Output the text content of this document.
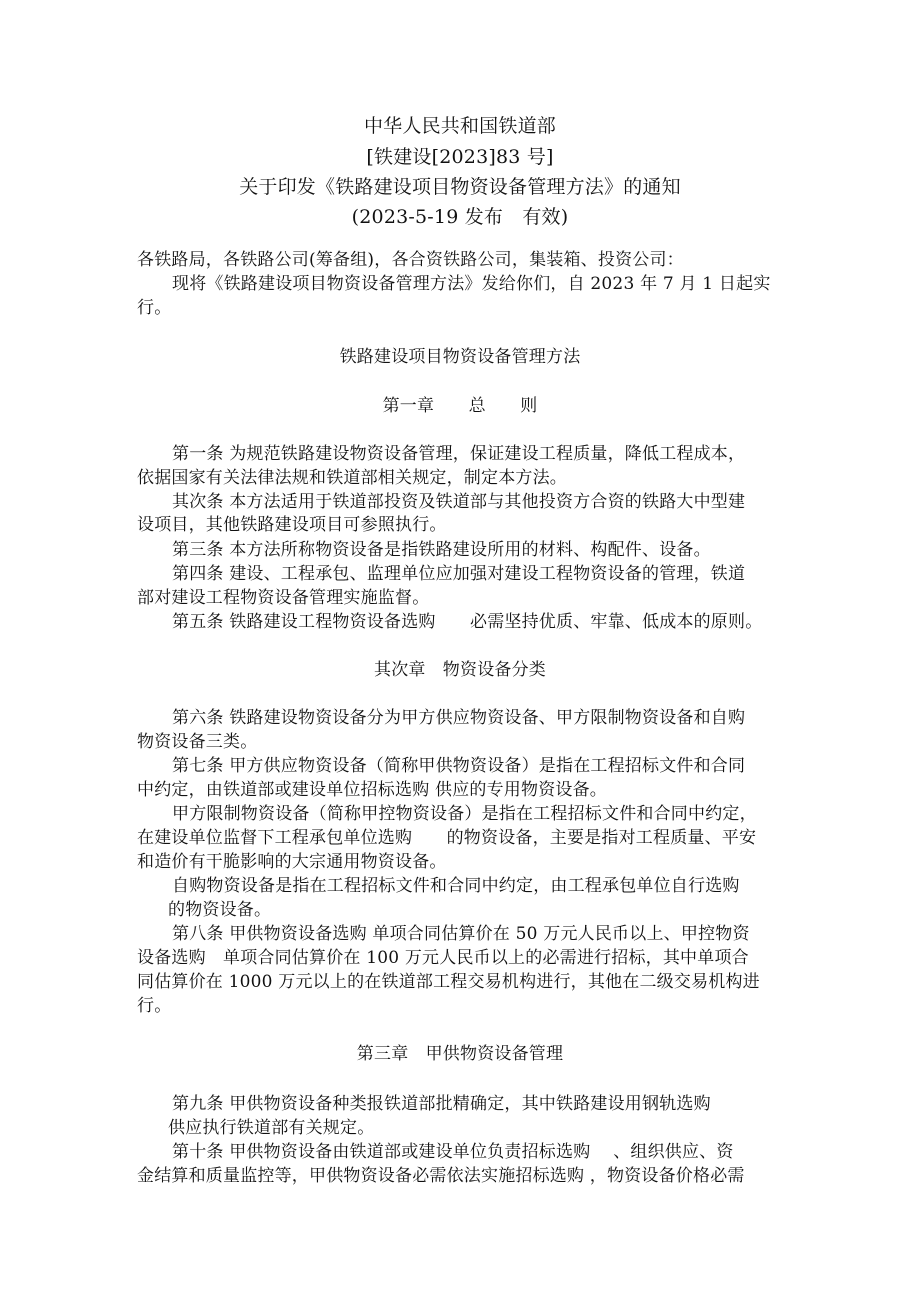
中华人民共和国铁道部
[铁建设[2023]83 号]
关于印发《铁路建设项目物资设备管理方法》的通知
(2023-5-19 发布　有效)
各铁路局，各铁路公司(筹备组)，各合资铁路公司，集装箱、投资公司：
现将《铁路建设项目物资设备管理方法》发给你们，自 2023 年 7 月 1 日起实
行。
铁路建设项目物资设备管理方法
第一章　　总　　则
第一条 为规范铁路建设物资设备管理，保证建设工程质量，降低工程成本，
依据国家有关法律法规和铁道部相关规定，制定本方法。
其次条 本方法适用于铁道部投资及铁道部与其他投资方合资的铁路大中型建
设项目，其他铁路建设项目可参照执行。
第三条 本方法所称物资设备是指铁路建设所用的材料、构配件、设备。
第四条 建设、工程承包、监理单位应加强对建设工程物资设备的管理，铁道
部对建设工程物资设备管理实施监督。
第五条 铁路建设工程物资设备选购　　必需坚持优质、牢靠、低成本的原则。
其次章　物资设备分类
第六条 铁路建设物资设备分为甲方供应物资设备、甲方限制物资设备和自购
物资设备三类。
第七条 甲方供应物资设备（简称甲供物资设备）是指在工程招标文件和合同
中约定，由铁道部或建设单位招标选购 供应的专用物资设备。
甲方限制物资设备（简称甲控物资设备）是指在工程招标文件和合同中约定，
在建设单位监督下工程承包单位选购　　的物资设备，主要是指对工程质量、平安
和造价有干脆影响的大宗通用物资设备。
自购物资设备是指在工程招标文件和合同中约定，由工程承包单位自行选购
的物资设备。
第八条 甲供物资设备选购 单项合同估算价在 50 万元人民币以上、甲控物资
设备选购　单项合同估算价在 100 万元人民币以上的必需进行招标，其中单项合
同估算价在 1000 万元以上的在铁道部工程交易机构进行，其他在二级交易机构进
行。
第三章　甲供物资设备管理
第九条 甲供物资设备种类报铁道部批精确定，其中铁路建设用钢轨选购
供应执行铁道部有关规定。
第十条 甲供物资设备由铁道部或建设单位负责招标选购　 、组织供应、资
金结算和质量监控等，甲供物资设备必需依法实施招标选购 ，物资设备价格必需
